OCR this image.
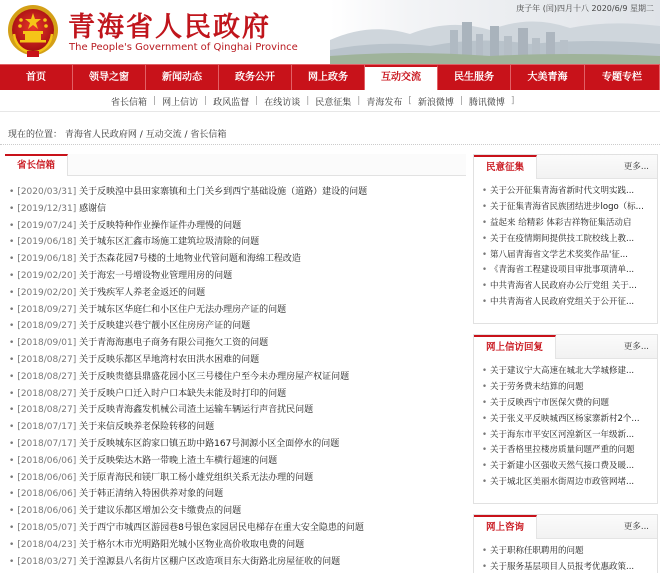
青海省人民政府
The People's Government of Qinghai Province
庚子年 (闰)四月十八 2020/6/9 星期二
首页	领导之窗	新闻动态	政务公开	网上政务	互动交流	民生服务	大美青海	专题专栏
省长信箱 | 网上信访 | 政风监督 | 在线访谈 | 民意征集 | 青海发布 [ 新浪微博 | 腾讯微博 ]
现在的位置： 青海省人民政府网 / 互动交流 / 省长信箱
省长信箱
• [2020/03/31] 关于反映湟中县田家寨镇和土门关乡到西宁基础设施（道路）建设的问题
• [2019/12/31] 感谢信
• [2019/07/24] 关于反映特种作业操作证件办理慢的问题
• [2019/06/18] 关于城东区汇鑫市场施工建筑垃圾清除的问题
• [2019/06/18] 关于杰森花园7号楼的土地物业代管问题和海绵工程改造
• [2019/02/20] 关于海宏一号增设物业管理用房的问题
• [2019/02/20] 关于残疾军人养老金返还的问题
• [2018/09/27] 关于城东区华庭仁和小区住户无法办理房产证的问题
• [2018/09/27] 关于反映建兴巷宁靓小区住房房产证的问题
• [2018/09/01] 关于青海海惠电子商务有限公司拖欠工资的问题
• [2018/08/27] 关于反映乐都区旱地湾村农田洪水困难的问题
• [2018/08/27] 关于反映贵德县鼎盛花园小区三号楼住户至今未办理房屋产权证问题
• [2018/08/27] 关于反映户口迁入时户口本缺失未能及时打印的问题
• [2018/08/27] 关于反映青海鑫发机械公司渣土运输车辆运行声音扰民问题
• [2018/07/17] 关于来信反映养老保险转移的问题
• [2018/07/17] 关于反映城东区韵家口镇五助中路167号洞源小区全面停水的问题
• [2018/06/06] 关于反映柴达木路一带晚上渣土车横行超速的问题
• [2018/06/06] 关于原青海民和镁厂职工杨小雄党组织关系无法办理的问题
• [2018/06/06] 关于韩正清纳入特困供养对象的问题
• [2018/06/06] 关于建议乐都区增加公交卡缴费点的问题
• [2018/05/07] 关于西宁市城西区游园巷8号银色家园居民电梯存在重大安全隐患的问题
• [2018/04/23] 关于格尔木市光明路阳光城小区物业高价收取电费的问题
• [2018/03/27] 关于湟源县八名街片区棚户区改造项目东大街路北房屋征收的问题
民意征集	更多...
• 关于公开征集青海省新时代文明实践...
• 关于征集青海省民族团结进步logo（标...
• 益起来 给精彩 体彩吉祥物征集活动启
• 关于在疫情期间提供技工院校线上教...
• 第八届青海省文学艺术奖奖作品'征...
• 《青海省工程建设项目审批事项清单...
• 中共青海省人民政府办公厅党组 关于...
• 中共青海省人民政府党组关于公开征...
网上信访回复	更多...
• 关于建议宁大高速在城北大学城修建...
• 关于劳务费未结算的问题
• 关于反映西宁市医保欠费的问题
• 关于张义平反映城西区杨家寨新村2个...
• 关于海东市平安区河湟新区一年级新...
• 关于香格里拉楼房质量问题严重的问题
• 关于新建小区强收天然气接口费及暖...
• 关于城北区美丽水街周边市政管网堵...
网上咨询	更多...
• 关于职称任职聘用的问题
• 关于服务基层项目人员报考优惠政策...
